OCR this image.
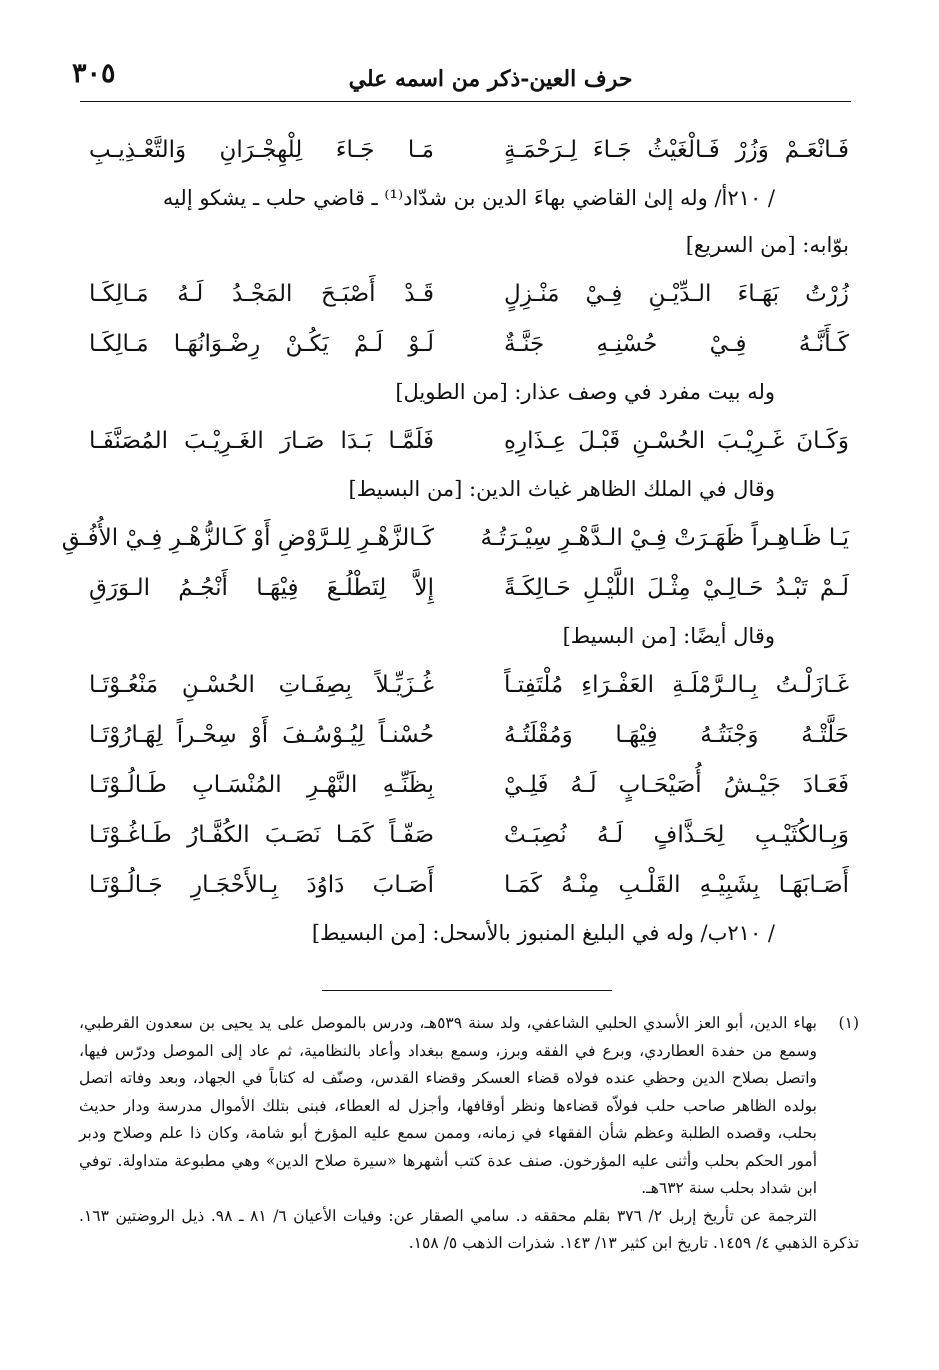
٣٠٥	حرف العين-ذكر من اسمه علي
فَـانْعَـمْ وَزُرْ فَـالْغَيْثُ جَـاءَ لِـرَحْمَـةٍ
مَـا جَـاءَ لِلْهِجْـرَانِ وَالتَّعْـذِيـبِ
/ ٢١٠أ/ وله إلىٰ القاضي بهاءَ الدين بن شدّاد⁽¹⁾ ـ قاضي حلب ـ يشكو إليه
بوّابه: [من السريع]
زُرْتُ بَهَـاءَ الـدِّيْـنِ فِـيْ مَنْـزِلٍ
قَـدْ أَصْبَـحَ المَجْـدُ لَـهُ مَـالِكَـا
كَـأَنَّـهُ فِـيْ حُسْنِـهِ جَنَّـةٌ
لَـوْ لَـمْ يَكُـنْ رِضْـوَانُهَـا مَـالِكَـا
وله بيت مفرد في وصف عذار: [من الطويل]
وَكَـانَ غَـرِيْـبَ الحُسْـنِ قَبْـلَ عِـذَارِهِ
فَلَمَّـا بَـدَا صَـارَ الغَـرِيْـبَ المُصَنَّفَـا
وقال في الملك الظاهر غياث الدين: [من البسيط]
يَـا ظَـاهِـراً ظَهَـرَتْ فِـيْ الـدَّهْـرِ سِيْـرَتُـهُ
كَـالزَّهْـرِ لِلـرَّوْضِ أَوْ كَـالزُّهْـرِ فِـيْ الأُفُـقِ
لَـمْ تَبْـدُ حَـالِـيْ مِثْـلَ اللَّيْـلِ حَـالِكَـةً
إِلاَّ لِتَطْلُـعَ فِيْهَـا أَنْجُـمُ الـوَرَقِ
وقال أيضًا: [من البسيط]
غَـازَلْـتُ بِـالـرَّمْلَـةِ العَفْـرَاءِ مُلْتَفِتـاً
غُـزَيِّـلاً بِصِفَـاتِ الحُسْـنِ مَنْعُـوْتَـا
حَلَّتْـهُ وَجْنَتُـهُ فِيْهَـا وَمُقْلَتُـهُ
حُسْنـاً لِيُـوْسُـفَ أَوْ سِحْـراً لِهَـارُوْتَـا
فَعَـادَ جَيْـشُ أُصَيْحَـابٍ لَـهُ فَلِـيْ
بِظَنِّـهِ النَّهْـرِ المُنْسَـابِ طَـالُـوْتَـا
وَبِـالكُثَيْـبِ لِحَـذَّافٍ لَـهُ نُصِبَـتْ
صَفّـاً كَمَـا نَصَـبَ الكُفَّـارُ طَـاغُـوْتَـا
أَصَـابَهَـا بِشَبِيْـهِ القَلْـبِ مِنْـهُ كَمَـا
أَصَـابَ دَاوُدَ بِـالأَحْجَـارِ جَـالُـوْتَـا
/ ٢١٠ب/ وله في البليغ المنبوز بالأسحل: [من البسيط]
(١)
بهاء الدين، أبو العز الأسدي الحلبي الشاعفي، ولد سنة ٥٣٩هـ، ودرس بالموصل على يد يحيى بن سعدون القرطبي، وسمع من حفدة العطاردي، وبرع في الفقه وبرز، وسمع ببغداد وأعاد بالنظامية، ثم عاد إلى الموصل ودرّس فيها، واتصل بصلاح الدين وحظي عنده فولاه قضاء العسكر وقضاء القدس، وصنّف له كتاباً في الجهاد، وبعد وفاته اتصل بولده الظاهر صاحب حلب فولاّه قضاءها ونظر أوقافها، وأجزل له العطاء، فبنى بتلك الأموال مدرسة ودار حديث بحلب، وقصده الطلبة وعظم شأن الفقهاء في زمانه، وممن سمع عليه المؤرخ أبو شامة، وكان ذا علم وصلاح ودبر أمور الحكم بحلب وأثنى عليه المؤرخون. صنف عدة كتب أشهرها «سيرة صلاح الدين» وهي مطبوعة متداولة. توفي ابن شداد بحلب سنة ٦٣٢هـ.
الترجمة عن تأريخ إربل ٢/ ٣٧٦ بقلم محققه د. سامي الصقار عن: وفيات الأعيان ٦/ ٨١ ـ ٩٨. ذيل الروضتين ١٦٣. تذكرة الذهبي ٤/ ١٤٥٩. تاريخ ابن كثير ١٣/ ١٤٣. شذرات الذهب ٥/ ١٥٨.
